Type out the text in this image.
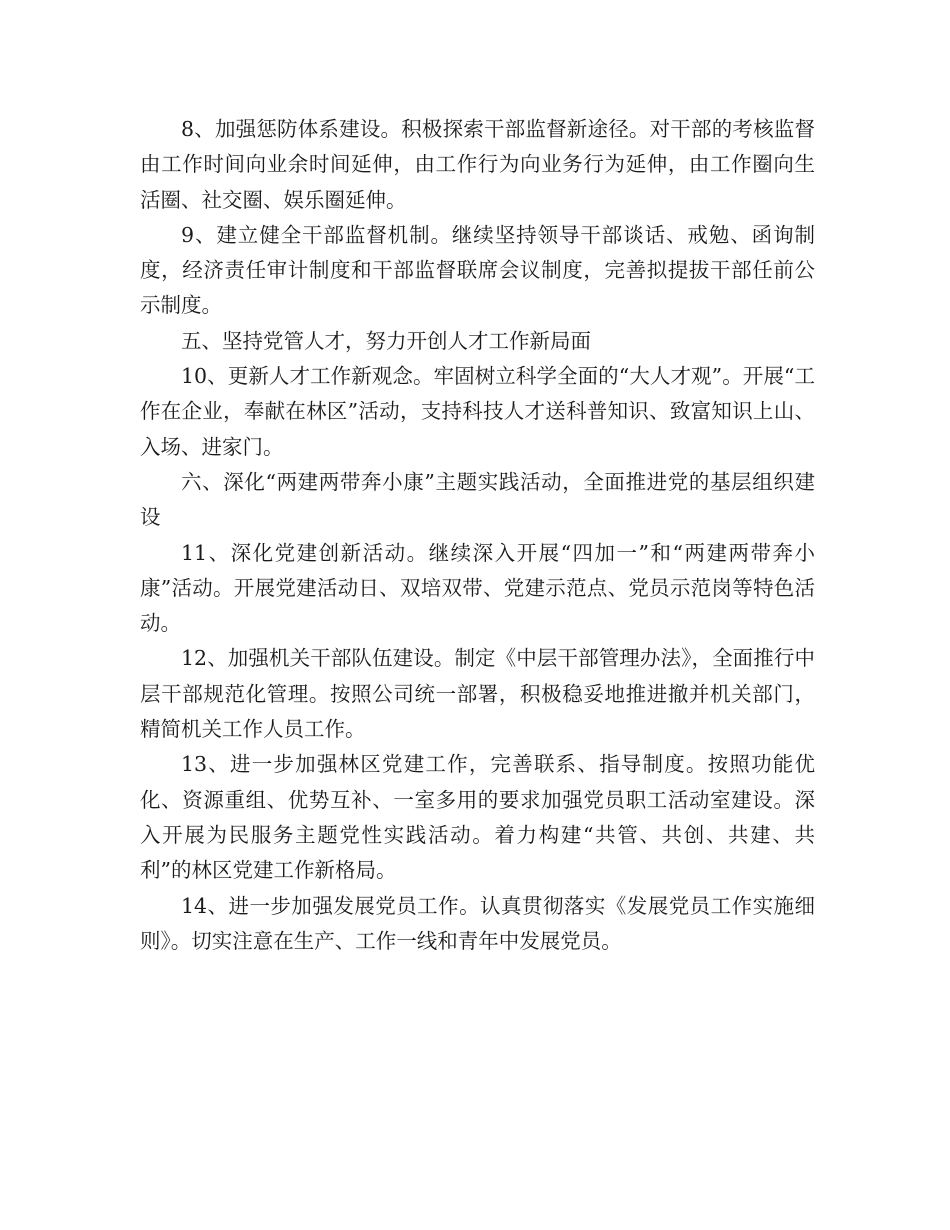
8、加强惩防体系建设。积极探索干部监督新途径。对干部的考核监督由工作时间向业余时间延伸，由工作行为向业务行为延伸，由工作圈向生活圈、社交圈、娱乐圈延伸。

9、建立健全干部监督机制。继续坚持领导干部谈话、戒勉、函询制度，经济责任审计制度和干部监督联席会议制度，完善拟提拔干部任前公示制度。

五、坚持党管人才，努力开创人才工作新局面

10、更新人才工作新观念。牢固树立科学全面的“大人才观”。开展“工作在企业，奉献在林区”活动，支持科技人才送科普知识、致富知识上山、入场、进家门。

六、深化“两建两带奔小康”主题实践活动，全面推进党的基层组织建设

11、深化党建创新活动。继续深入开展“四加一”和“两建两带奔小康”活动。开展党建活动日、双培双带、党建示范点、党员示范岗等特色活动。

12、加强机关干部队伍建设。制定《中层干部管理办法》，全面推行中层干部规范化管理。按照公司统一部署，积极稳妥地推进撤并机关部门，精简机关工作人员工作。

13、进一步加强林区党建工作，完善联系、指导制度。按照功能优化、资源重组、优势互补、一室多用的要求加强党员职工活动室建设。深入开展为民服务主题党性实践活动。着力构建“共管、共创、共建、共利”的林区党建工作新格局。

14、进一步加强发展党员工作。认真贯彻落实《发展党员工作实施细则》。切实注意在生产、工作一线和青年中发展党员。
